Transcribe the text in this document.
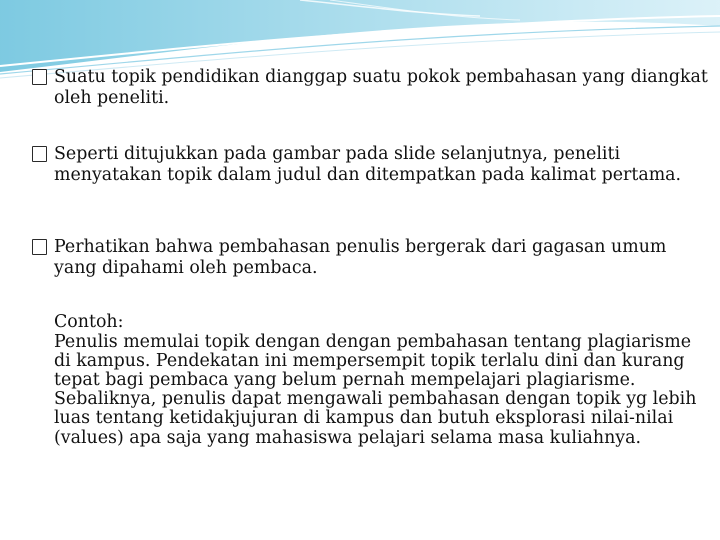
Suatu topik pendidikan dianggap suatu pokok pembahasan yang diangkat oleh peneliti.
Seperti ditujukkan pada gambar pada slide selanjutnya, peneliti menyatakan topik dalam judul dan ditempatkan pada kalimat pertama.
Perhatikan bahwa pembahasan penulis bergerak dari gagasan umum yang dipahami oleh pembaca.

Contoh:

Penulis memulai topik dengan dengan pembahasan tentang plagiarisme di kampus. Pendekatan ini mempersempit topik terlalu dini dan kurang tepat bagi pembaca yang belum pernah mempelajari plagiarisme. Sebaliknya, penulis dapat mengawali pembahasan dengan topik yg lebih luas tentang ketidakjujuran di kampus dan butuh eksplorasi nilai-nilai (values) apa saja yang mahasiswa pelajari selama masa kuliahnya.
